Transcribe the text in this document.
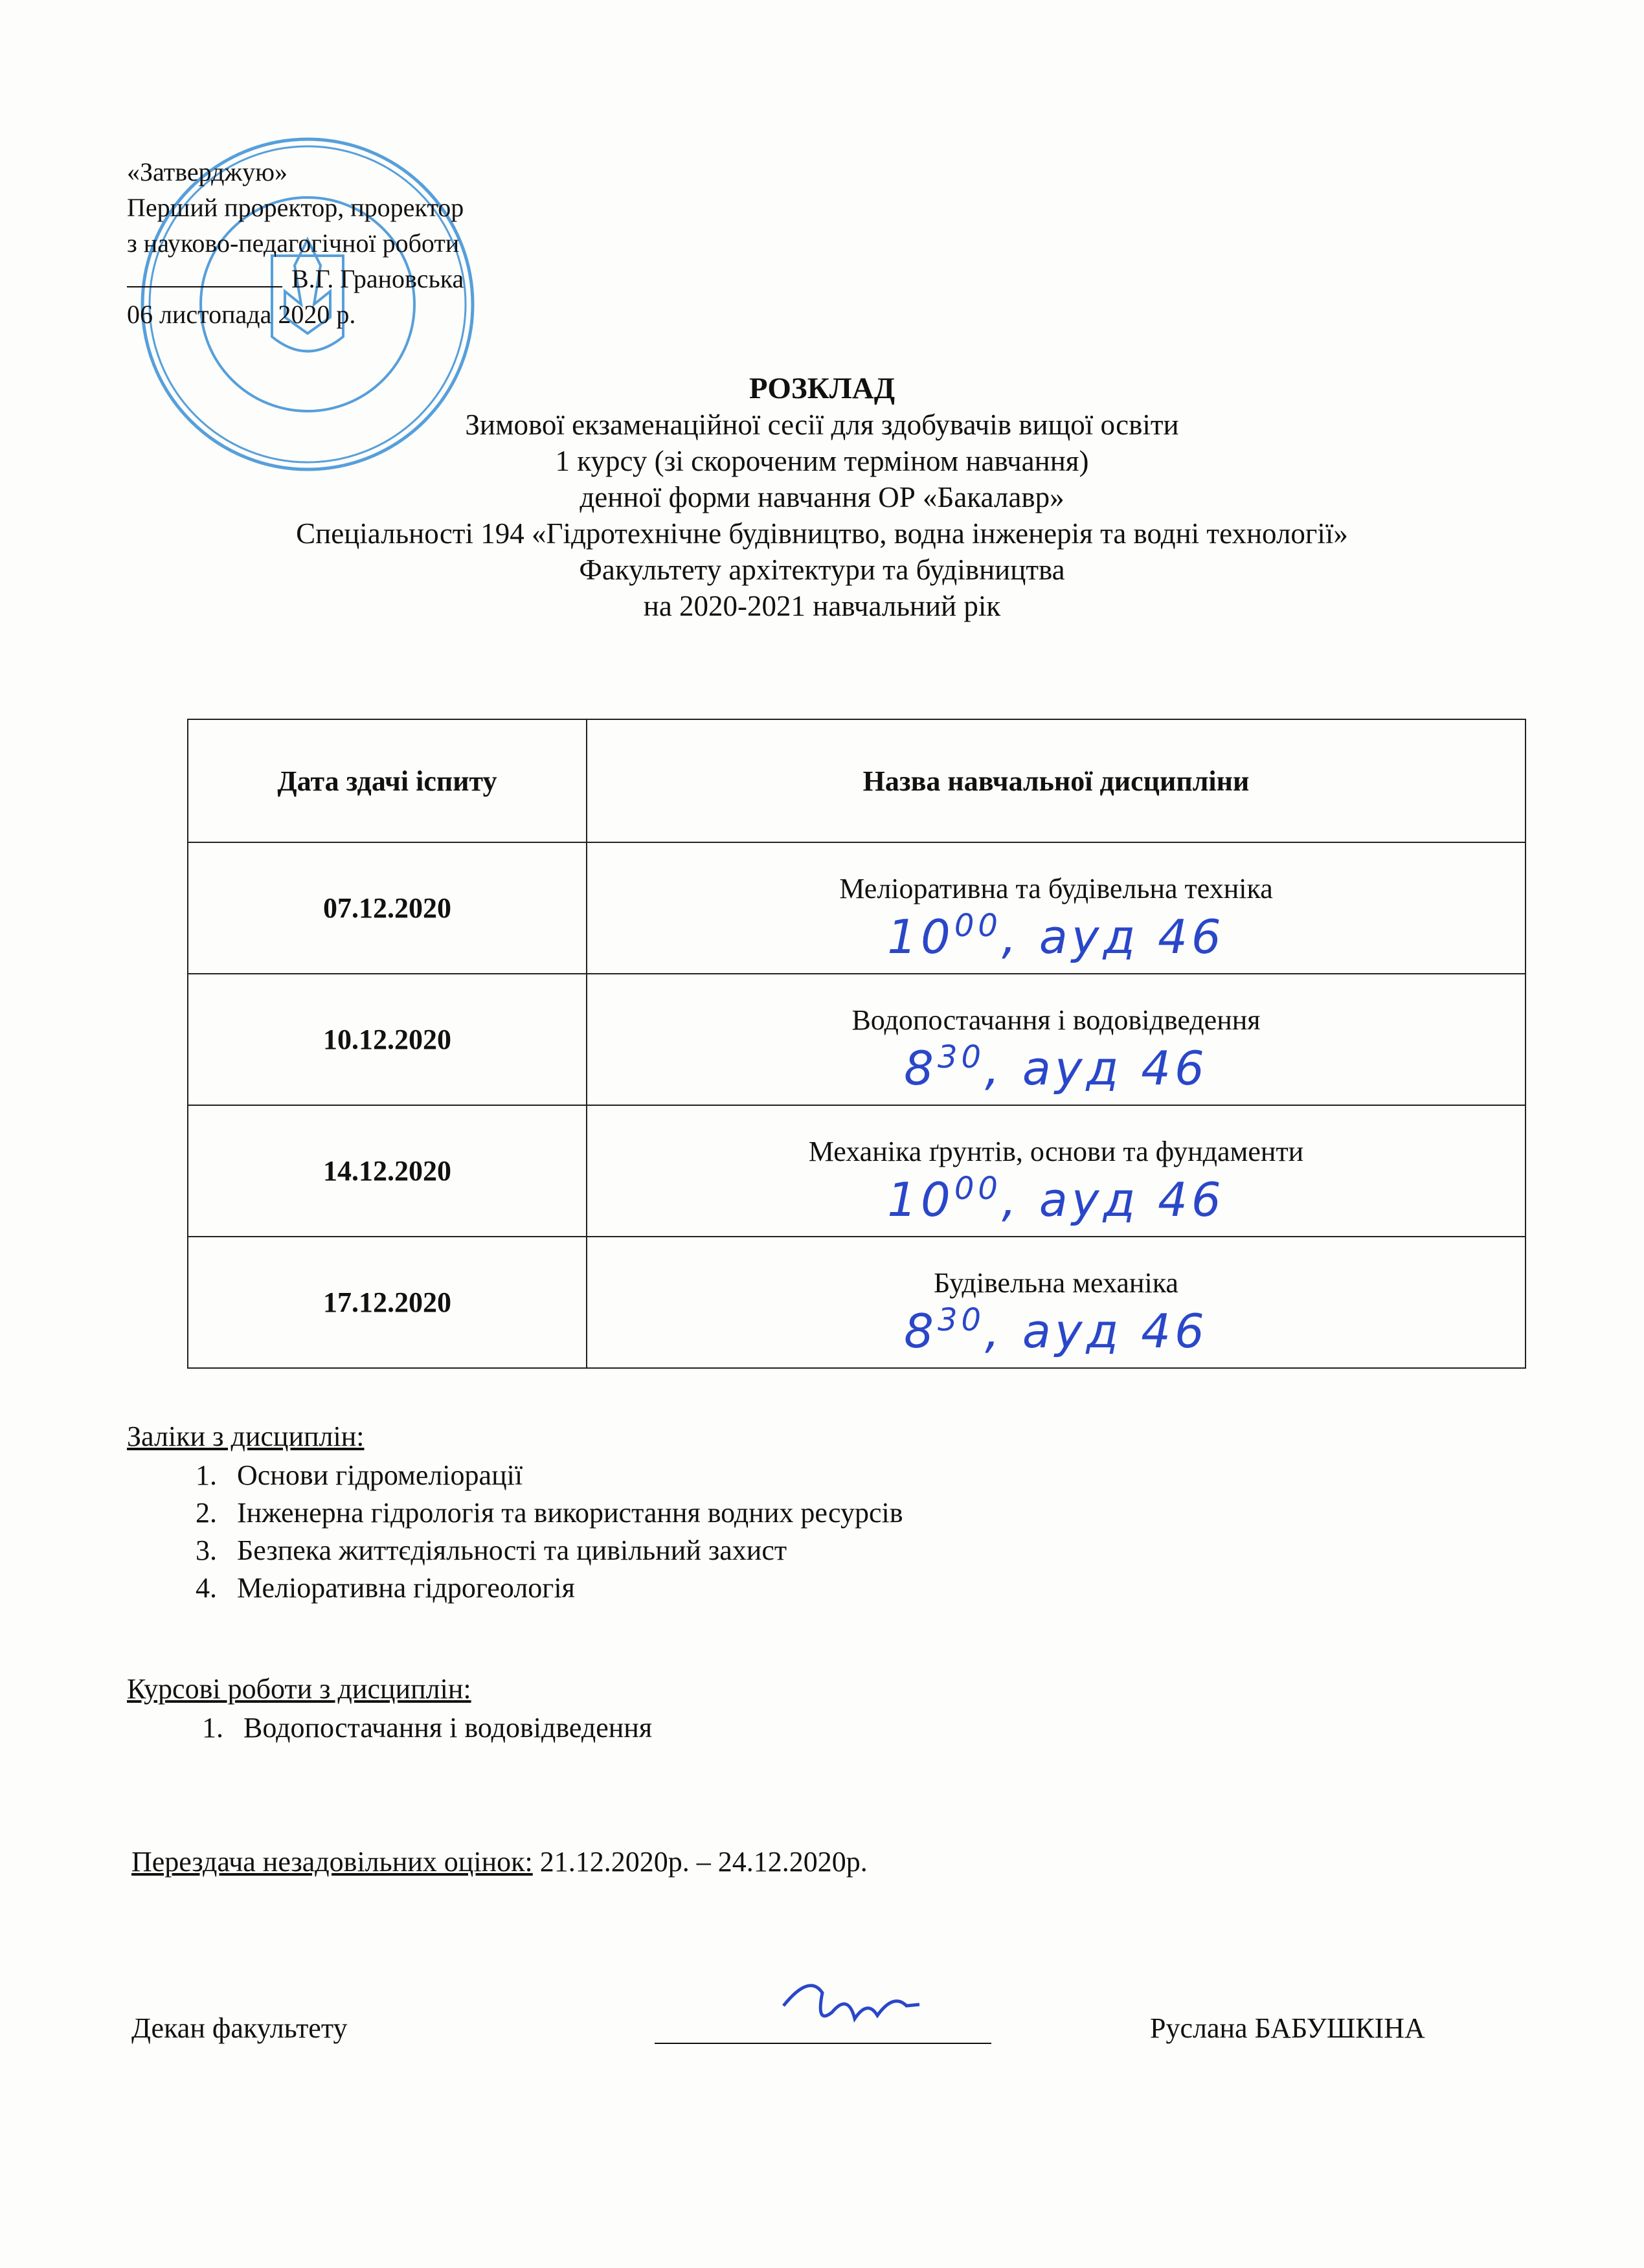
«Затверджую»
Перший проректор, проректор
з науково-педагогічної роботи
В.Г. Грановська
06 листопада 2020 р.
РОЗКЛАД
Зимової екзаменаційної сесії для здобувачів вищої освіти
1 курсу (зі скороченим терміном навчання)
денної форми навчання ОР «Бакалавр»
Спеціальності 194 «Гідротехнічне будівництво, водна інженерія та водні технології»
Факультету архітектури та будівництва
на 2020-2021 навчальний рік
Дата здачі іспиту	Назва навчальної дисципліни
07.12.2020	Меліоративна та будівельна техніка
$10^{00}$, ауд 46

10.12.2020	Водопостачання і водовідведення
$8^{30}$, ауд 46

14.12.2020	Механіка ґрунтів, основи та фундаменти
$10^{00}$, ауд 46

17.12.2020	Будівельна механіка
$8^{30}$, ауд 46
Заліки з дисциплін:
1. Основи гідромеліорації
2. Інженерна гідрологія та використання водних ресурсів
3. Безпека життєдіяльності та цивільний захист
4. Меліоративна гідрогеологія
Курсові роботи з дисциплін:
1. Водопостачання і водовідведення
Перездача незадовільних оцінок: 21.12.2020р. – 24.12.2020р.
Декан факультету	Руслана БАБУШКІНА
